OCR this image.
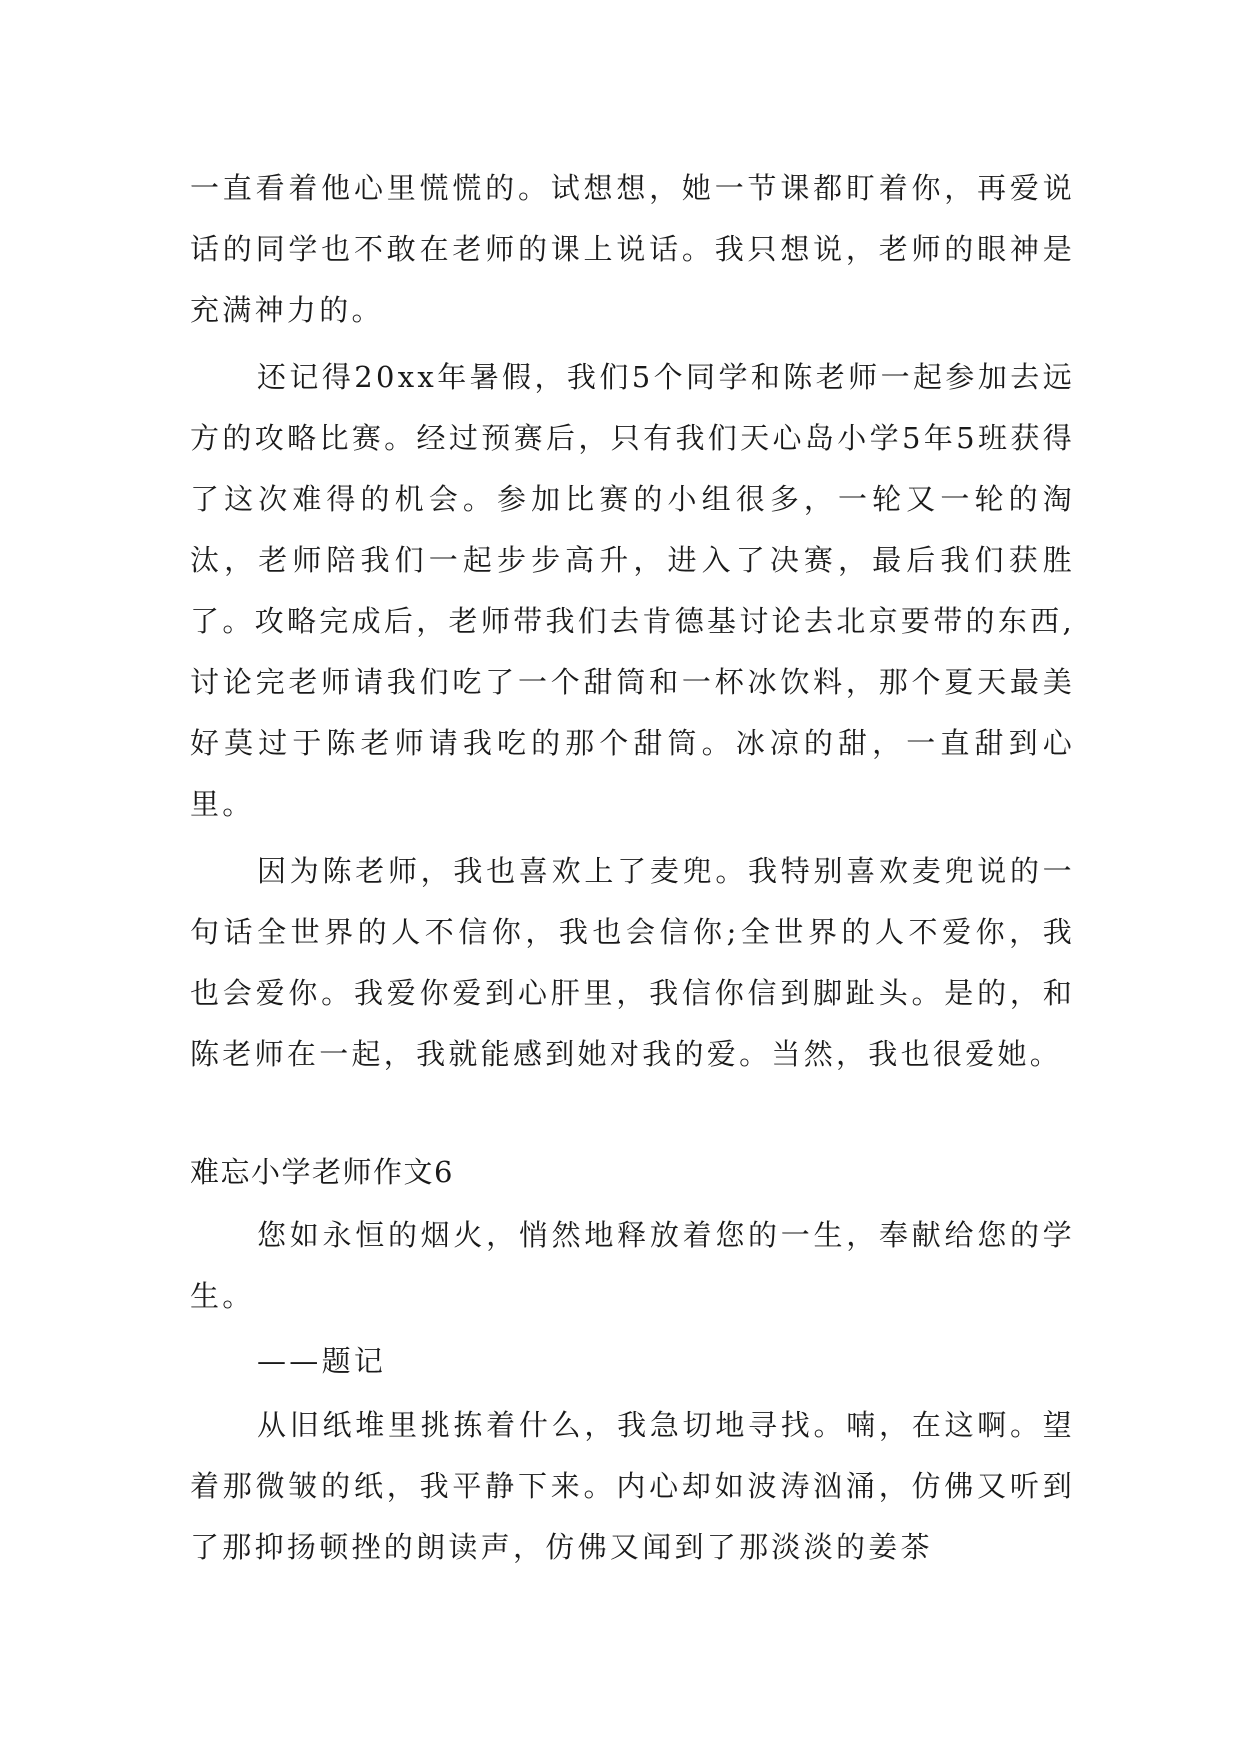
一直看着他心里慌慌的。试想想，她一节课都盯着你，再爱说话的同学也不敢在老师的课上说话。我只想说，老师的眼神是充满神力的。

还记得20xx年暑假，我们5个同学和陈老师一起参加去远方的攻略比赛。经过预赛后，只有我们天心岛小学5年5班获得了这次难得的机会。参加比赛的小组很多，一轮又一轮的淘汰，老师陪我们一起步步高升，进入了决赛，最后我们获胜了。攻略完成后，老师带我们去肯德基讨论去北京要带的东西,讨论完老师请我们吃了一个甜筒和一杯冰饮料，那个夏天最美好莫过于陈老师请我吃的那个甜筒。冰凉的甜，一直甜到心里。

因为陈老师，我也喜欢上了麦兜。我特别喜欢麦兜说的一句话全世界的人不信你，我也会信你;全世界的人不爱你，我也会爱你。我爱你爱到心肝里，我信你信到脚趾头。是的，和陈老师在一起，我就能感到她对我的爱。当然，我也很爱她。

难忘小学老师作文6

您如永恒的烟火，悄然地释放着您的一生，奉献给您的学生。

——题记

从旧纸堆里挑拣着什么，我急切地寻找。喃，在这啊。望着那微皱的纸，我平静下来。内心却如波涛汹涌，仿佛又听到了那抑扬顿挫的朗读声，仿佛又闻到了那淡淡的姜茶
